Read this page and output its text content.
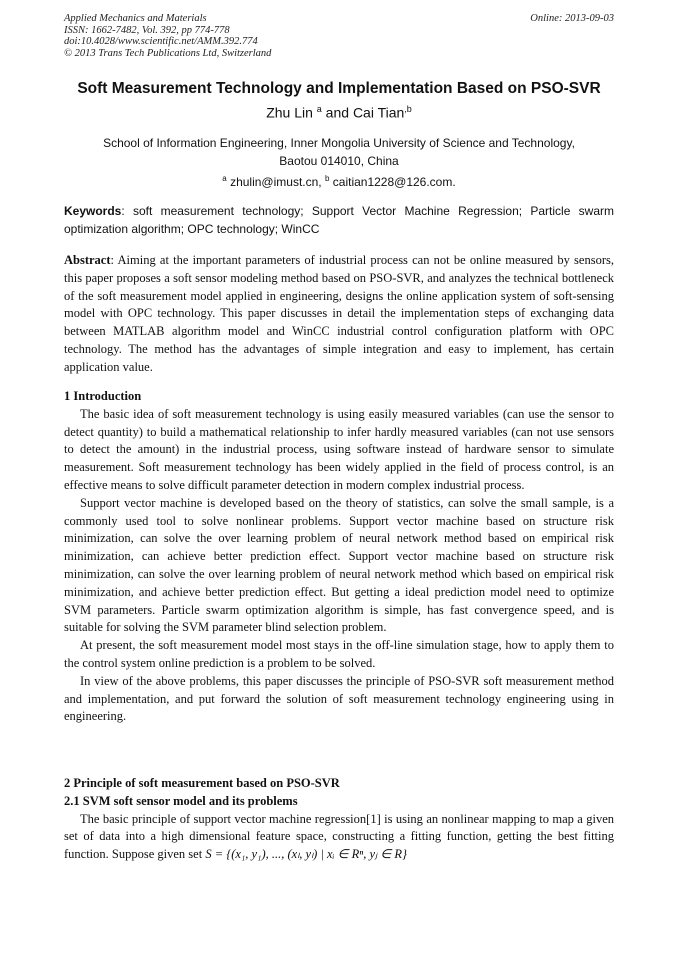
Applied Mechanics and Materials
ISSN: 1662-7482, Vol. 392, pp 774-778
doi:10.4028/www.scientific.net/AMM.392.774
© 2013 Trans Tech Publications Ltd, Switzerland
Online: 2013-09-03
Soft Measurement Technology and Implementation Based on PSO-SVR
Zhu Lin $^a$ and Cai Tian$^{,b}$
School of Information Engineering, Inner Mongolia University of Science and Technology,
Baotou 014010, China
$^a$ zhulin@imust.cn, $^b$ caitian1228@126.com.
Keywords: soft measurement technology; Support Vector Machine Regression; Particle swarm optimization algorithm; OPC technology; WinCC

Abstract: Aiming at the important parameters of industrial process can not be online measured by sensors, this paper proposes a soft sensor modeling method based on PSO-SVR, and analyzes the technical bottleneck of the soft measurement model applied in engineering, designs the online application system of soft-sensing model with OPC technology. This paper discusses in detail the implementation steps of exchanging data between MATLAB algorithm model and WinCC industrial control configuration platform with OPC technology. The method has the advantages of simple integration and easy to implement, has certain application value.

1 Introduction

The basic idea of soft measurement technology is using easily measured variables (can use the sensor to detect quantity) to build a mathematical relationship to infer hardly measured variables (can not use sensors to detect the amount) in the industrial process, using software instead of hardware sensor to simulate measurement. Soft measurement technology has been widely applied in the field of process control, is an effective means to solve difficult parameter detection in modern complex industrial process.

Support vector machine is developed based on the theory of statistics, can solve the small sample, is a commonly used tool to solve nonlinear problems. Support vector machine based on structure risk minimization, can solve the over learning problem of neural network method based on empirical risk minimization, can achieve better prediction effect. Support vector machine based on structure risk minimization, can solve the over learning problem of neural network method which based on empirical risk minimization, and achieve better prediction effect. But getting a ideal prediction model need to optimize SVM parameters. Particle swarm optimization algorithm is simple, has fast convergence speed, and is suitable for solving the SVM parameter blind selection problem.

At present, the soft measurement model most stays in the off-line simulation stage, how to apply them to the control system online prediction is a problem to be solved.

In view of the above problems, this paper discusses the principle of PSO-SVR soft measurement method and implementation, and put forward the solution of soft measurement technology engineering using in engineering.

2 Principle of soft measurement based on PSO-SVR

2.1 SVM soft sensor model and its problems

The basic principle of support vector machine regression[1] is using an nonlinear mapping to map a given set of data into a high dimensional feature space, constructing a fitting function, getting the best fitting function. Suppose given set S = {(x₁, y₁), ..., (xₗ, yₗ) | xᵢ ∈ Rⁿ, yⱼ ∈ R}
